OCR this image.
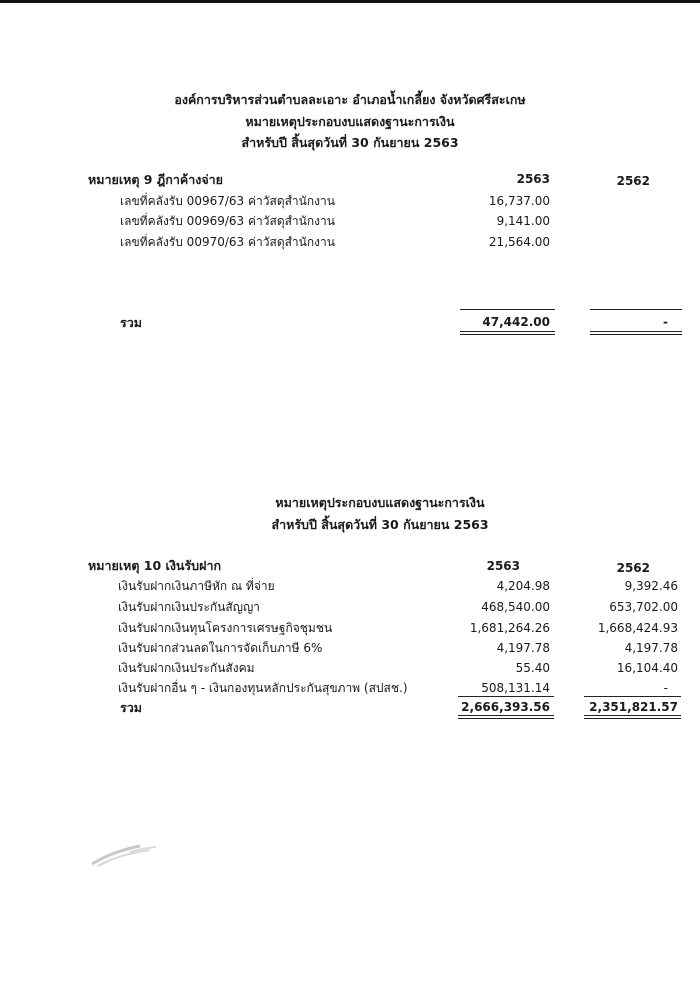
องค์การบริหารส่วนตำบลละเอาะ อำเภอน้ำเกลี้ยง จังหวัดศรีสะเกษ
หมายเหตุประกอบงบแสดงฐานะการเงิน
สำหรับปี สิ้นสุดวันที่ 30 กันยายน 2563
หมายเหตุ 9 ฎีกาค้างจ่าย	2563	2562
เลขที่คลังรับ 00967/63 ค่าวัสดุสำนักงาน	16,737.00
เลขที่คลังรับ 00969/63 ค่าวัสดุสำนักงาน	9,141.00
เลขที่คลังรับ 00970/63 ค่าวัสดุสำนักงาน	21,564.00
รวม	47,442.00	-
หมายเหตุประกอบงบแสดงฐานะการเงิน
สำหรับปี สิ้นสุดวันที่ 30 กันยายน 2563
หมายเหตุ 10 เงินรับฝาก	2563	2562
เงินรับฝากเงินภาษีหัก ณ ที่จ่าย	4,204.98	9,392.46
เงินรับฝากเงินประกันสัญญา	468,540.00	653,702.00
เงินรับฝากเงินทุนโครงการเศรษฐกิจชุมชน	1,681,264.26	1,668,424.93
เงินรับฝากส่วนลดในการจัดเก็บภาษี 6%	4,197.78	4,197.78
เงินรับฝากเงินประกันสังคม	55.40	16,104.40
เงินรับฝากอื่น ๆ - เงินกองทุนหลักประกันสุขภาพ (สปสช.)	508,131.14	-
รวม	2,666,393.56	2,351,821.57
